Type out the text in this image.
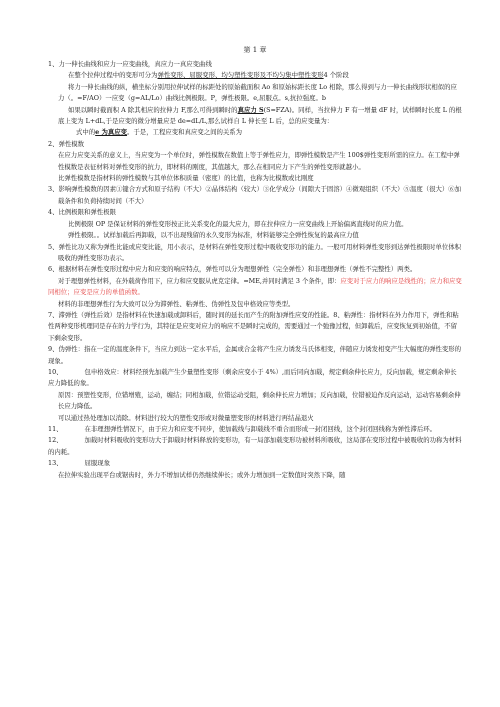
第 1 章

1、力一伸长曲线和应力一应变曲线，真应力一真应变曲线

在整个拉伸过程中的变形可分为弹性变形、屈服变形、均匀塑性变形及不均匀集中塑性变形4 个阶段

将力一伸长曲线的纵，横坐标分别用拉伸试样的标距处的原始截面积 Ao 和原始标距长度 Lo 相除，那么得到与力一伸长曲线形状相似的应力（。=F/AO）一应变（g=AL/Lo）曲线比例极限。P，弹性极限。e,屈服点。s,抗拉强度。b

如果以瞬时截面积 A 除其相应的拉伸力 F,那么可得到瞬时的真应力 S(S=FZA)。同样，当拉伸力 F 有一增量 dF 时，试样瞬时长度 L 的根底上变为 L+dL,于是应变的微分增量应是 de=dL/L,那么试样自 L 伸长至 L 后，总的应变量为：

式中的e 为真应变。于是，工程应变和真应变之间的关系为

2、弹性模数

在应力应变关系的意义上，当应变为一个单位时，弹性模数在数值上等于弹性应力，即弹性模数是产生 100$弹性变形所需的应力。在工程中弹性模数是表征材料对弹性变形的抗力，即材料的刚度，其值越大，那么在相同应力下产生的弹性变形就越小。

比弹性模数是指材料的弹性模数与其单位体积质量（密度）的比值，也称为比模数或比刚度

3、影响弹性模数的因素①键合方式和原子结构（不大）②晶体结构（较大）③化学成分（间隙大于固溶）④微观组织（不大）⑤温度（很大）⑥加载条件和负荷持续时间（不大）

4、比例极限和弹性极限

比例极限 OP 是保证材料的弹性变形按正比关系变化的最大应力，即在拉伸应力一应变曲线上开始偏离直线时的应力值。

弹性极限。。试样加载后再卸载，以不出现残留的永久变形为标准，材料能够完全弹性恢复的最高应力值

5、弹性比功又称为弹性比能或应变比能，用小表示，是材料在弹性变形过程中吸收变形功的能力。一般可用材料弹性变形到达弹性极限时单位体积吸收的弹性变形功表示。

6、根据材料在弹性变形过程中应力和应变的响应特点，弹性可以分为理想弹性（完全弹性）和非理想弹性（弹性不完整性）两类。

对于理想弹性材料，在外载荷作用下，应力和应变服从虎克定律。=ME,并同时满足 3 个条件，即：应变对于应力的响应是线性的；应力和应变同相位；应变是应力的单值函数。

材料的非理想弹性行为大致可以分为滞弹性、粘弹性、伪弹性及包申格效应等类型。

7、滞弹性（弹性后效）是指材料在快速加载或卸料后，随时间的延长而产生的附加弹性应变的性能。8、粘弹性：指材料在外力作用下，弹性和粘性两种变形机理同是存在的力学行为，其特征是应变对应力的响应不是瞬时完成的，需要通过一个弛豫过程，但卸载后，应变恢复到初始值，不留下剩余变形。

9、伪弹性：指在一定的温度条件下，当应力到达一定水平后，金属或合金将产生应力诱发马氏体相变，伴随应力诱发相变产生大幅度的弹性变形的现象。

10、	包申格效应：材料经预先加载产生少量塑性变形（剩余应变小于 4%）,而后同向加载，规定剩余伸长应力，反向加载，规定剩余伸长应力降低的象。

原因：预塑性变形，位错增殖，运动，缠结；同相加载，位错运动受阻，剩余伸长应力增加；反向加载，位错被迫作反向运动，运动容易剩余伸长应力降低。

可以通过热处理加以消除。材料进行较大的塑性变形或对微量塑变形的材料进行再结晶退火

11、	在非理想弹性情况下，由于应力和应变不同步，使加载线与卸载线不重合而形成一封闭回线，这个封闭回线称为弹性滞后环。

12、	加载时材料吸收的变形功大于卸载时材料释放的变形功，有一局部加载变形功被材料所吸收，这局部在变形过程中被吸收的功称为材料的内耗。

13、	屈服现象

在拉伸实验出现平台或锯齿时，外力不增加试样仍然继续伸长；或外力增加到一定数值时突然下降，随
